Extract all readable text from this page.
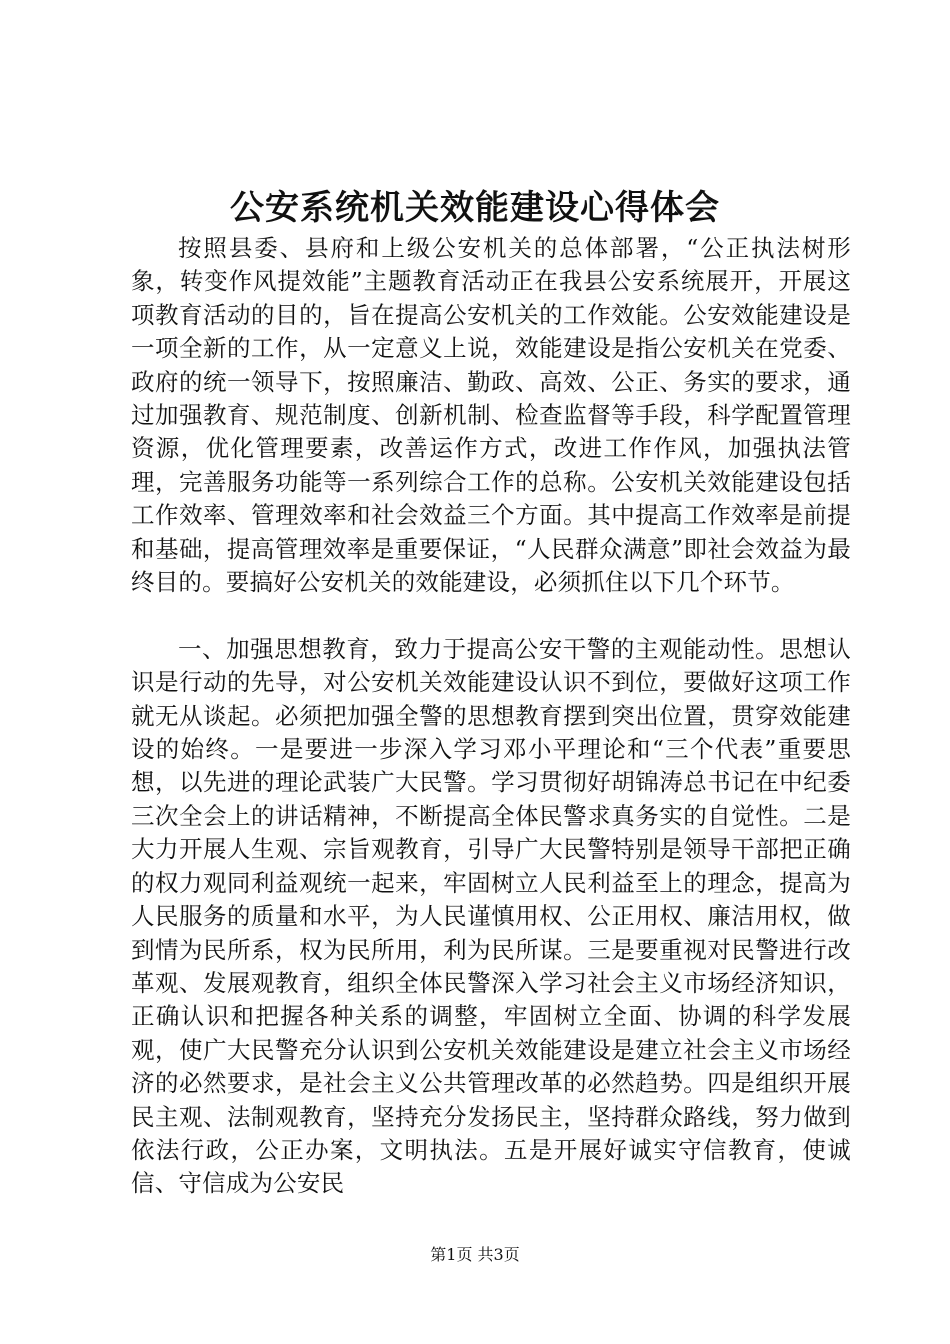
公安系统机关效能建设心得体会

按照县委、县府和上级公安机关的总体部署，“公正执法树形象，转变作风提效能”主题教育活动正在我县公安系统展开，开展这项教育活动的目的，旨在提高公安机关的工作效能。公安效能建设是一项全新的工作，从一定意义上说，效能建设是指公安机关在党委、政府的统一领导下，按照廉洁、勤政、高效、公正、务实的要求，通过加强教育、规范制度、创新机制、检查监督等手段，科学配置管理资源，优化管理要素，改善运作方式，改进工作作风，加强执法管理，完善服务功能等一系列综合工作的总称。公安机关效能建设包括工作效率、管理效率和社会效益三个方面。其中提高工作效率是前提和基础，提高管理效率是重要保证，“人民群众满意”即社会效益为最终目的。要搞好公安机关的效能建设，必须抓住以下几个环节。

一、加强思想教育，致力于提高公安干警的主观能动性。思想认识是行动的先导，对公安机关效能建设认识不到位，要做好这项工作就无从谈起。必须把加强全警的思想教育摆到突出位置，贯穿效能建设的始终。一是要进一步深入学习邓小平理论和“三个代表”重要思想，以先进的理论武装广大民警。学习贯彻好胡锦涛总书记在中纪委三次全会上的讲话精神，不断提高全体民警求真务实的自觉性。二是大力开展人生观、宗旨观教育，引导广大民警特别是领导干部把正确的权力观同利益观统一起来，牢固树立人民利益至上的理念，提高为人民服务的质量和水平，为人民谨慎用权、公正用权、廉洁用权，做到情为民所系，权为民所用，利为民所谋。三是要重视对民警进行改革观、发展观教育，组织全体民警深入学习社会主义市场经济知识，正确认识和把握各种关系的调整，牢固树立全面、协调的科学发展观，使广大民警充分认识到公安机关效能建设是建立社会主义市场经济的必然要求，是社会主义公共管理改革的必然趋势。四是组织开展民主观、法制观教育，坚持充分发扬民主，坚持群众路线，努力做到依法行政，公正办案，文明执法。五是开展好诚实守信教育，使诚信、守信成为公安民

第1页 共3页
